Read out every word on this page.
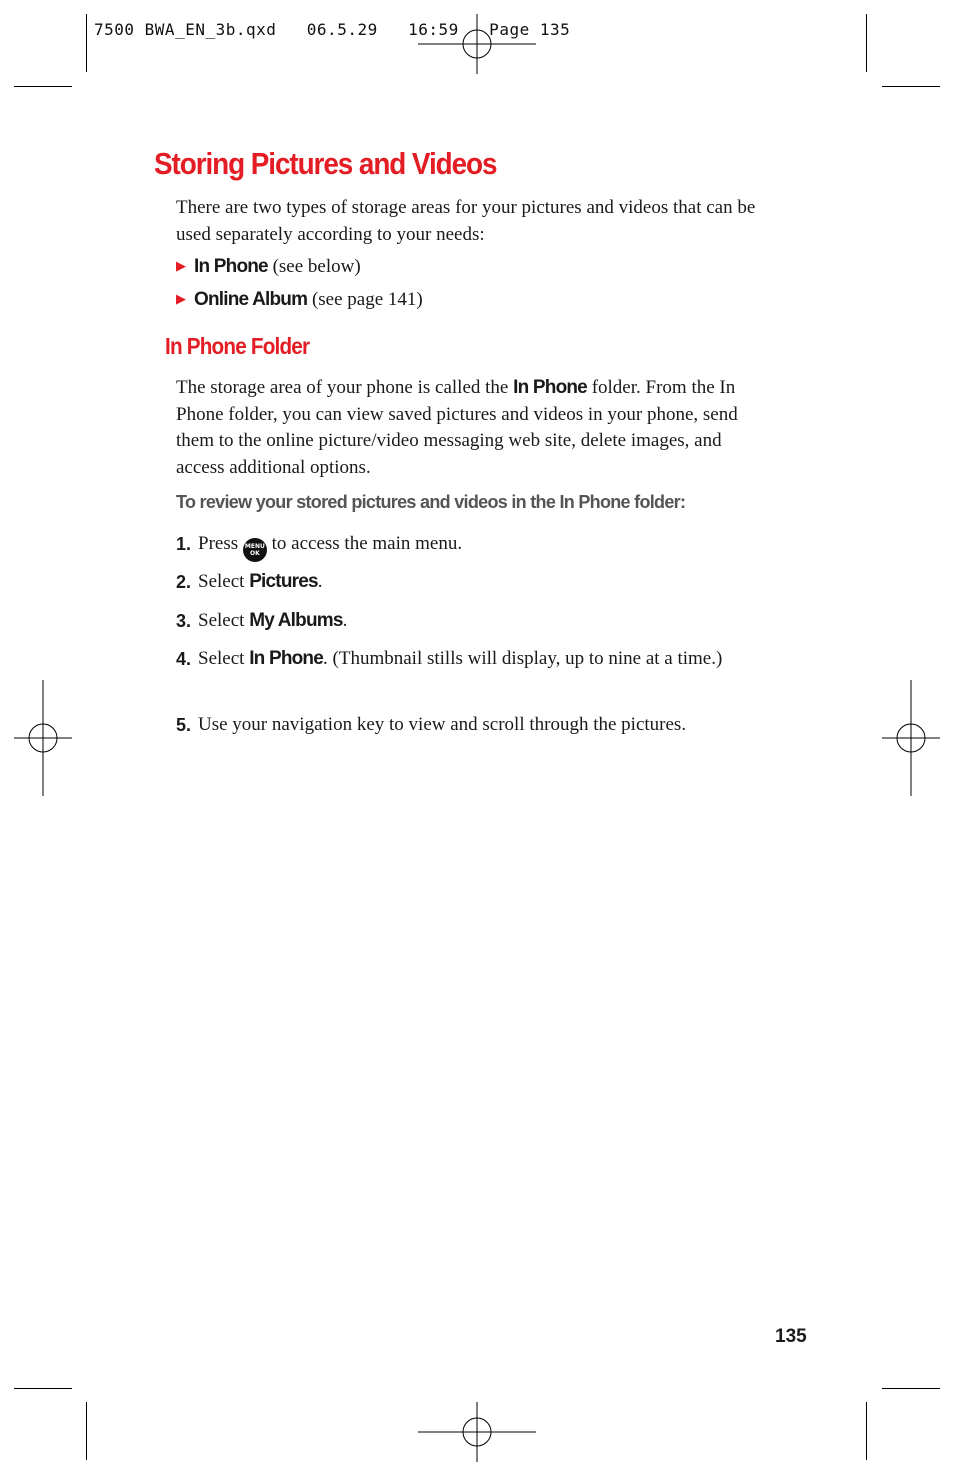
7500 BWA_EN_3b.qxd   06.5.29   16:59   Page 135
Storing Pictures and Videos

There are two types of storage areas for your pictures and videos that can be used separately according to your needs:

▶ In Phone (see below)
▶ Online Album (see page 141)
In Phone Folder

The storage area of your phone is called the In Phone folder. From the In Phone folder, you can view saved pictures and videos in your phone, send them to the online picture/video messaging web site, delete images, and access additional options.

To review your stored pictures and videos in the In Phone folder:
1. Press MENU
OK to access the main menu.
2. Select Pictures.
3. Select My Albums.
4. Select In Phone. (Thumbnail stills will display, up to nine at a time.)
5. Use your navigation key to view and scroll through the pictures.
135
